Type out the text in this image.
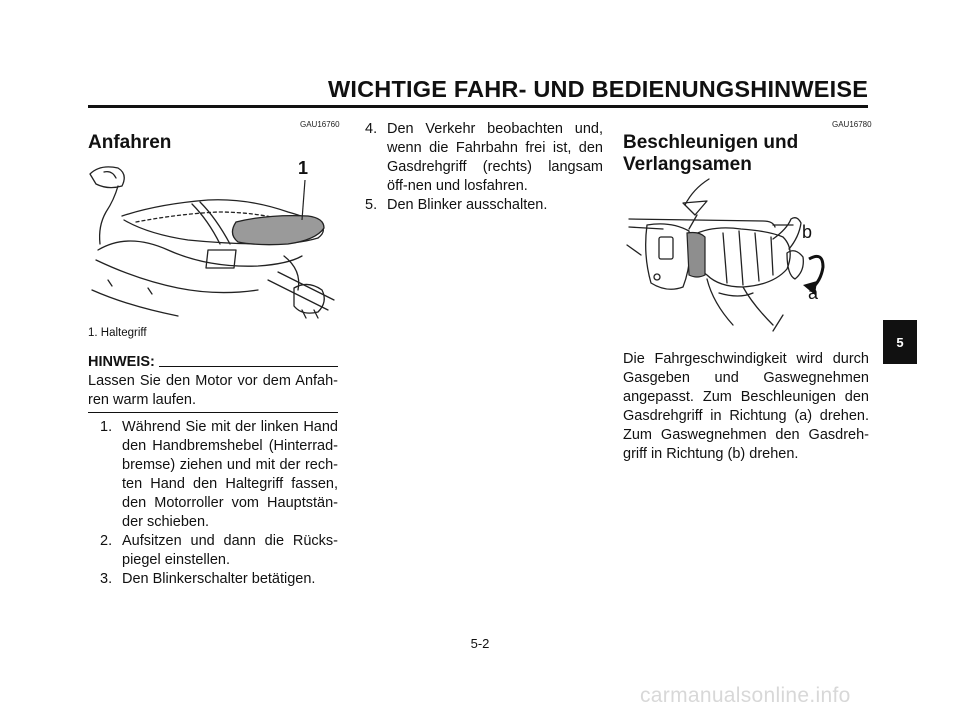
WICHTIGE FAHR- UND BEDIENUNGSHINWEISE
GAU16760
Anfahren
1
1. Haltegriff
HINWEIS:
Lassen Sie den Motor vor dem Anfah-ren warm laufen.
1. Während Sie mit der linken Hand den Handbremshebel (Hinterrad-bremse) ziehen und mit der rech-ten Hand den Haltegriff fassen, den Motorroller vom Hauptstän-der schieben.
2. Aufsitzen und dann die Rücks-piegel einstellen.
3. Den Blinkerschalter betätigen.
4. Den Verkehr beobachten und, wenn die Fahrbahn frei ist, den Gasdrehgriff (rechts) langsam öff-nen und losfahren.
5. Den Blinker ausschalten.
GAU16780
Beschleunigen und
Verlangsamen
b
a
Die Fahrgeschwindigkeit wird durch Gasgeben und Gaswegnehmen angepasst. Zum Beschleunigen den Gasdrehgriff in Richtung (a) drehen. Zum Gaswegnehmen den Gasdreh-griff in Richtung (b) drehen.
5
5-2
carmanualsonline.info
